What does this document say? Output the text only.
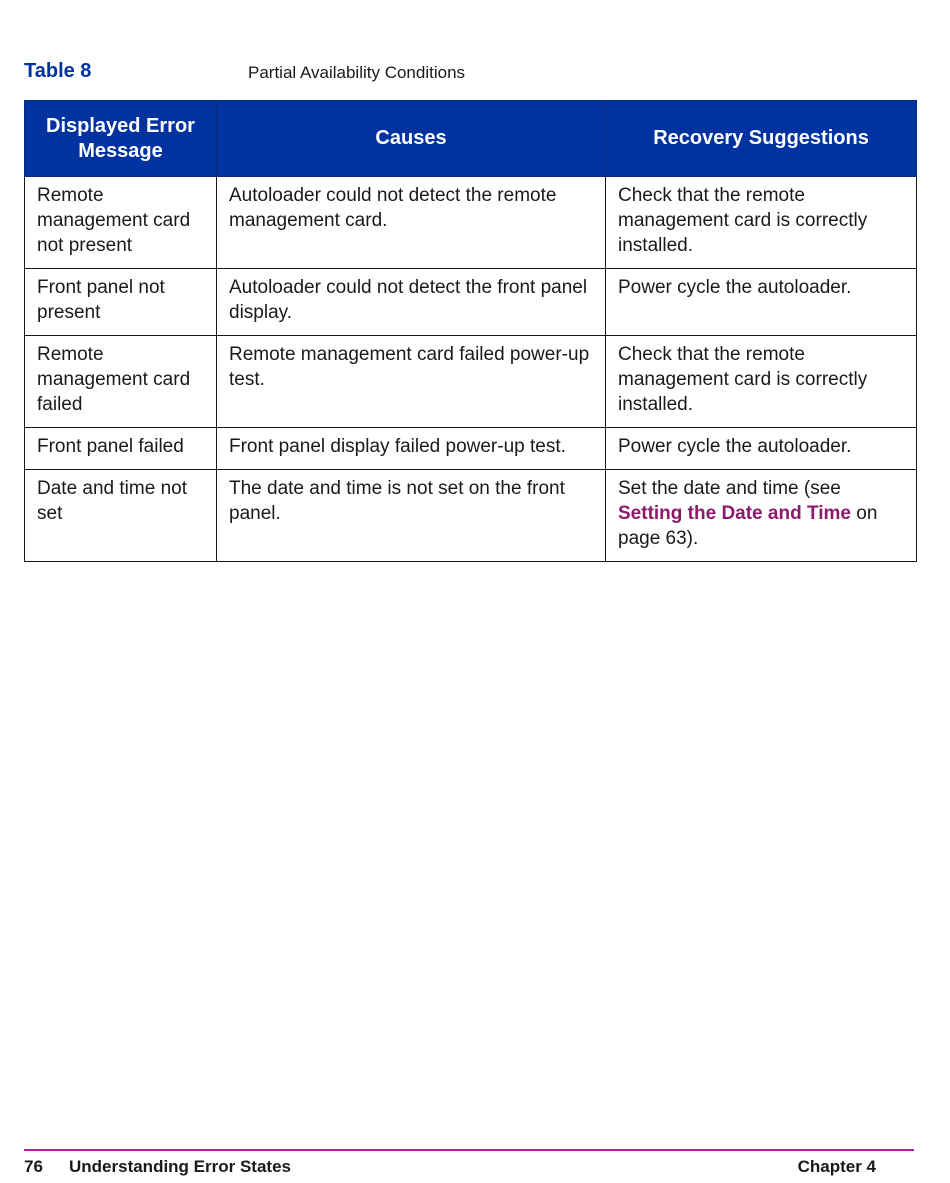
Table 8	Partial Availability Conditions
Displayed Error Message	Causes	Recovery Suggestions
Remote management card not present	Autoloader could not detect the remote management card.	Check that the remote management card is correctly installed.
Front panel not present	Autoloader could not detect the front panel display.	Power cycle the autoloader.
Remote management card failed	Remote management card failed power-up test.	Check that the remote management card is correctly installed.
Front panel failed	Front panel display failed power-up test.	Power cycle the autoloader.
Date and time not set	The date and time is not set on the front panel.	Set the date and time (see Setting the Date and Time on page 63).
76 Understanding Error States	Chapter 4
